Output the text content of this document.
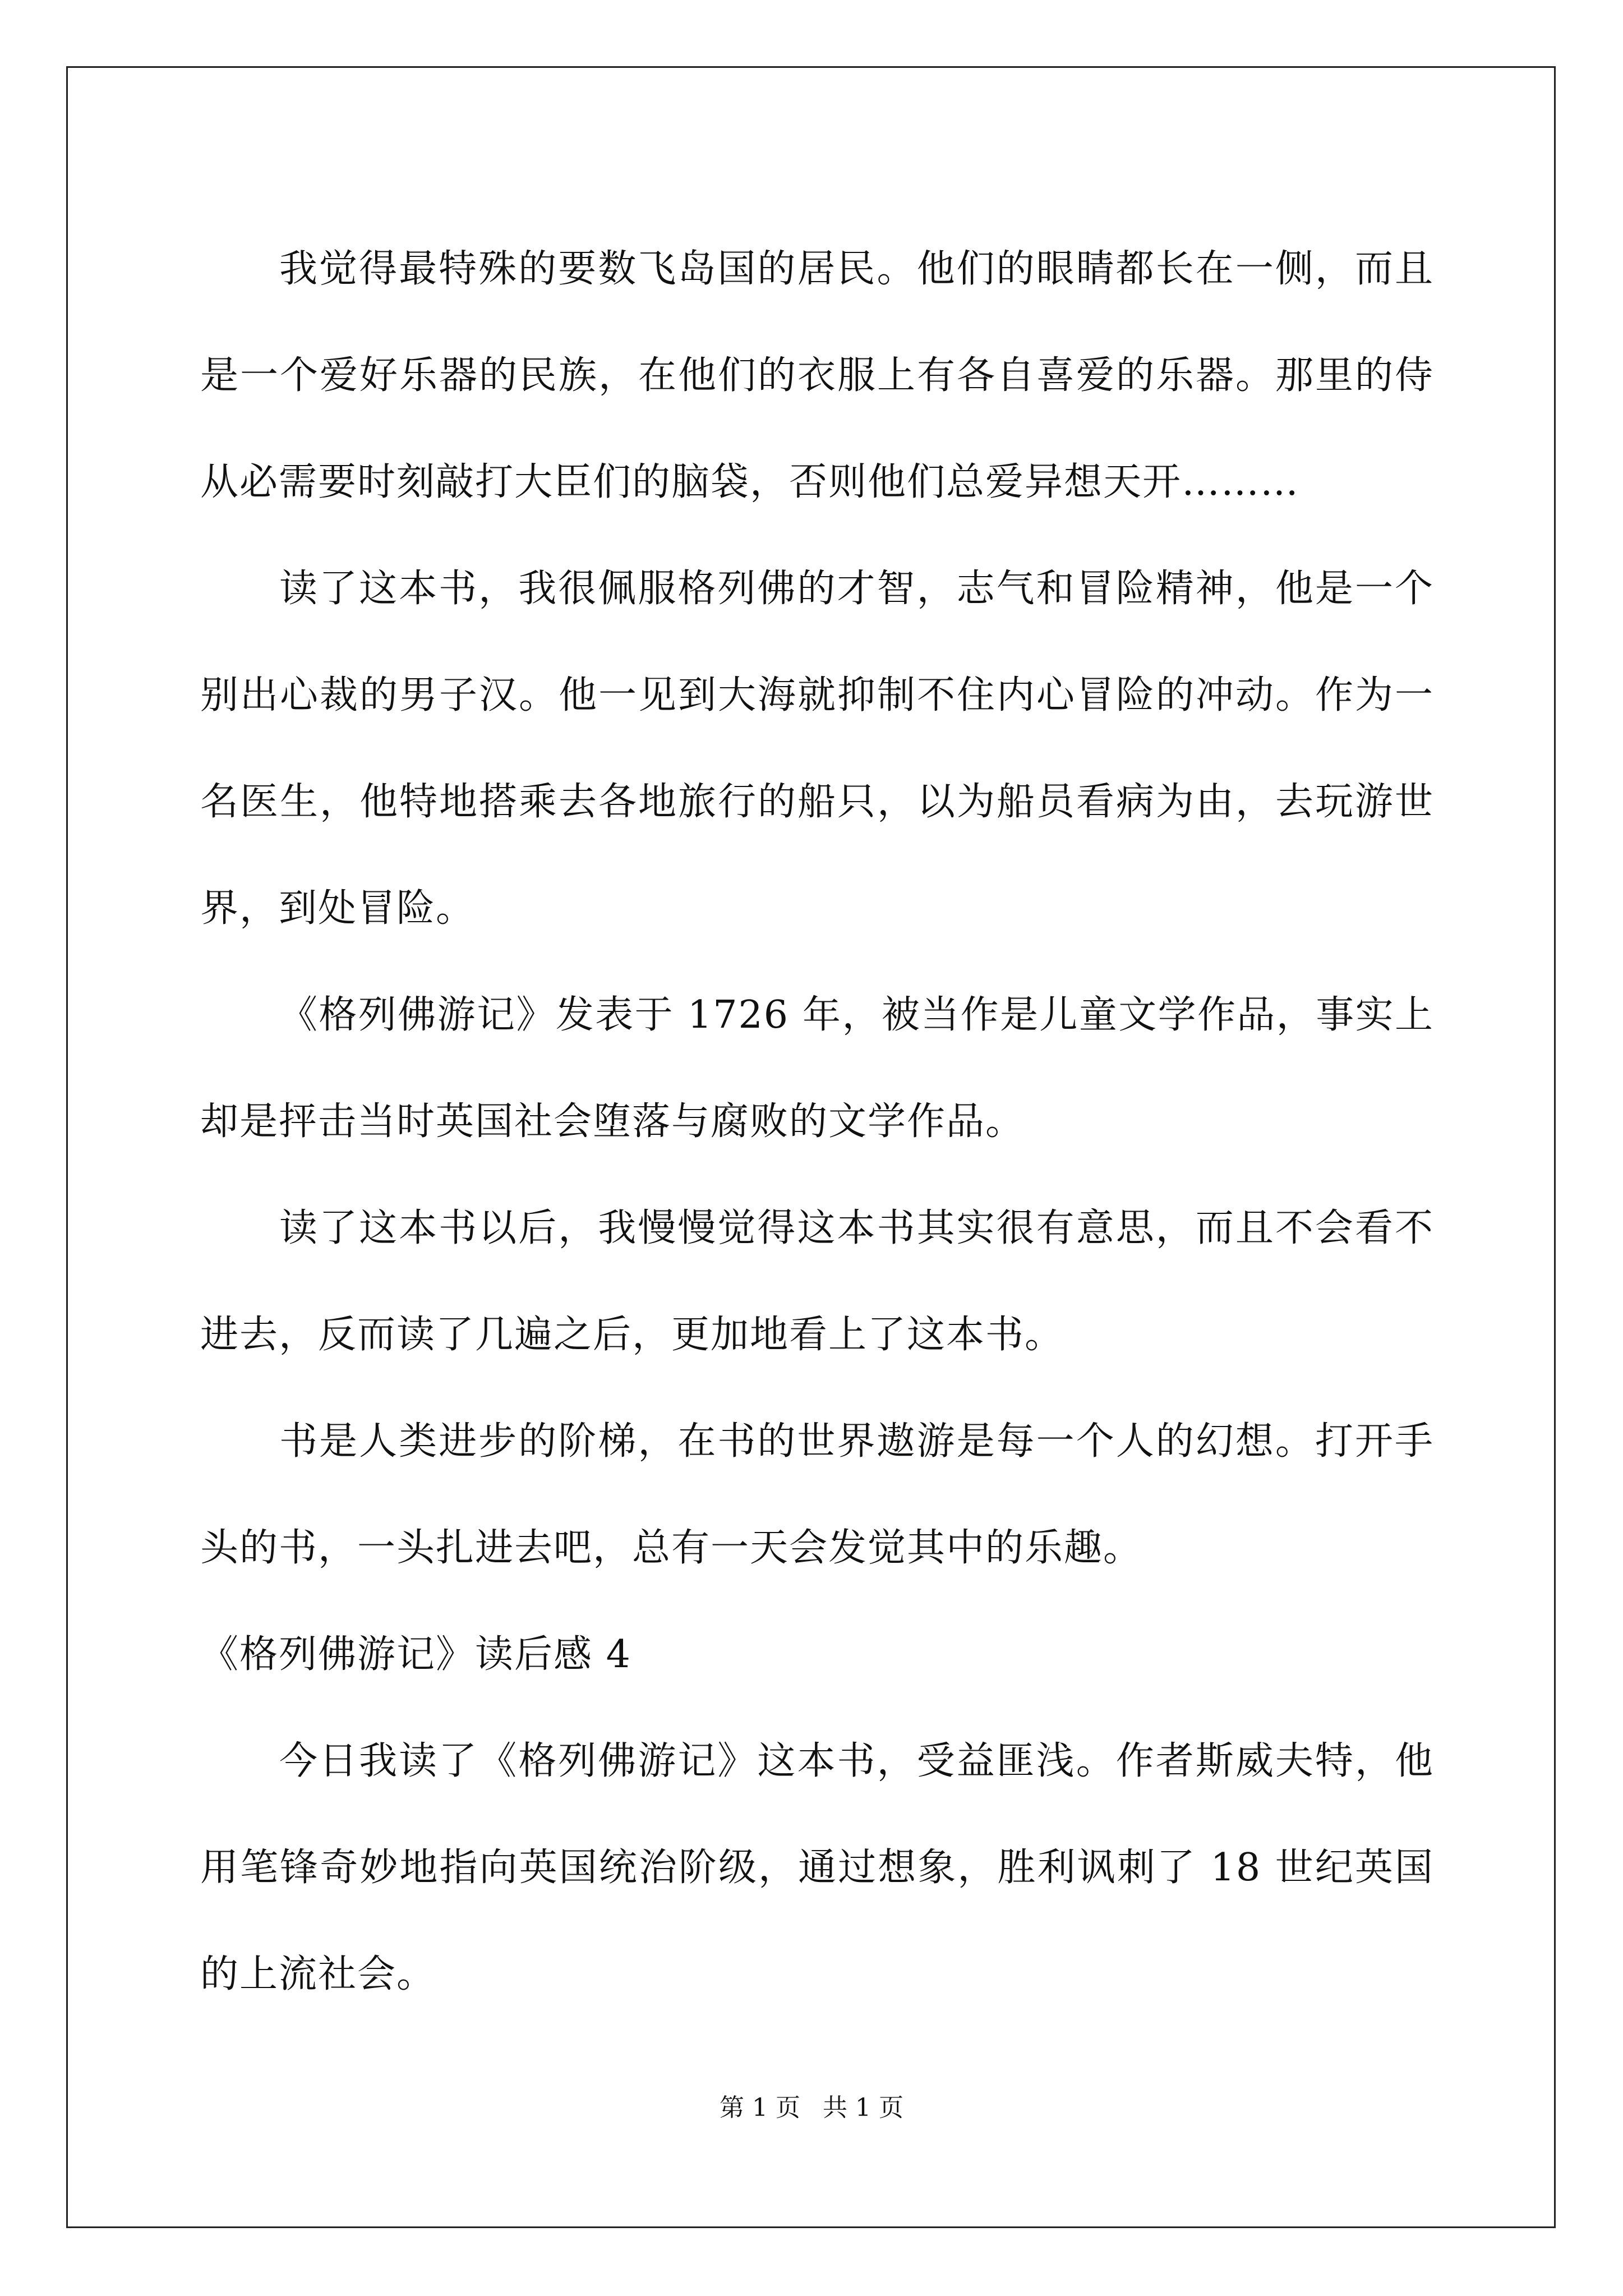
我觉得最特殊的要数飞岛国的居民。他们的眼睛都长在一侧，而且是一个爱好乐器的民族，在他们的衣服上有各自喜爱的乐器。那里的侍从必需要时刻敲打大臣们的脑袋，否则他们总爱异想天开………

读了这本书，我很佩服格列佛的才智，志气和冒险精神，他是一个别出心裁的男子汉。他一见到大海就抑制不住内心冒险的冲动。作为一名医生，他特地搭乘去各地旅行的船只，以为船员看病为由，去玩游世界，到处冒险。

《格列佛游记》发表于 1726 年，被当作是儿童文学作品，事实上却是抨击当时英国社会堕落与腐败的文学作品。

读了这本书以后，我慢慢觉得这本书其实很有意思，而且不会看不进去，反而读了几遍之后，更加地看上了这本书。

书是人类进步的阶梯，在书的世界遨游是每一个人的幻想。打开手头的书，一头扎进去吧，总有一天会发觉其中的乐趣。

《格列佛游记》读后感 4

今日我读了《格列佛游记》这本书，受益匪浅。作者斯威夫特，他用笔锋奇妙地指向英国统治阶级，通过想象，胜利讽刺了 18 世纪英国的上流社会。

第 1 页 共 1 页
